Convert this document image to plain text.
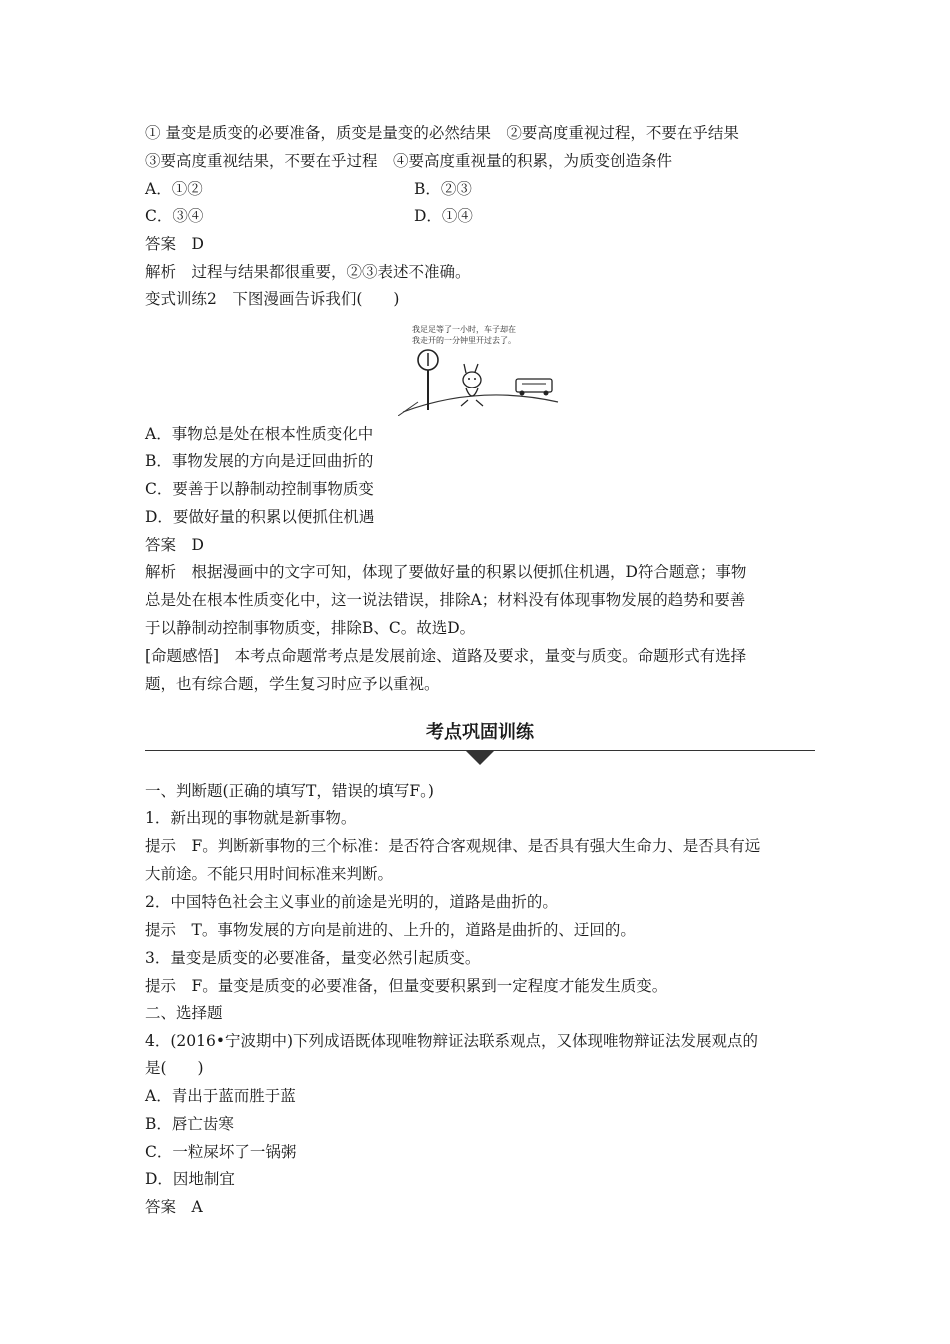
① 量变是质变的必要准备，质变是量变的必然结果　②要高度重视过程，不要在乎结果
③要高度重视结果，不要在乎过程　④要高度重视量的积累，为质变创造条件
A．①②	B．②③
C．③④	D．①④
答案　D
解析　过程与结果都很重要，②③表述不准确。
变式训练2　下图漫画告诉我们(　　)
我足足等了一小时，车子却在
我走开的一分钟里开过去了。
A．事物总是处在根本性质变化中
B．事物发展的方向是迂回曲折的
C．要善于以静制动控制事物质变
D．要做好量的积累以便抓住机遇
答案　D
解析　根据漫画中的文字可知，体现了要做好量的积累以便抓住机遇，D符合题意；事物
总是处在根本性质变化中，这一说法错误，排除A；材料没有体现事物发展的趋势和要善
于以静制动控制事物质变，排除B、C。故选D。
[命题感悟]　本考点命题常考点是发展前途、道路及要求，量变与质变。命题形式有选择
题，也有综合题，学生复习时应予以重视。
考点巩固训练
一、判断题(正确的填写T，错误的填写F。)
1．新出现的事物就是新事物。
提示　F。判断新事物的三个标准：是否符合客观规律、是否具有强大生命力、是否具有远
大前途。不能只用时间标准来判断。
2．中国特色社会主义事业的前途是光明的，道路是曲折的。
提示　T。事物发展的方向是前进的、上升的，道路是曲折的、迂回的。
3．量变是质变的必要准备，量变必然引起质变。
提示　F。量变是质变的必要准备，但量变要积累到一定程度才能发生质变。
二、选择题
4．(2016•宁波期中)下列成语既体现唯物辩证法联系观点，又体现唯物辩证法发展观点的
是(　　)
A．青出于蓝而胜于蓝
B．唇亡齿寒
C．一粒屎坏了一锅粥
D．因地制宜
答案　A
